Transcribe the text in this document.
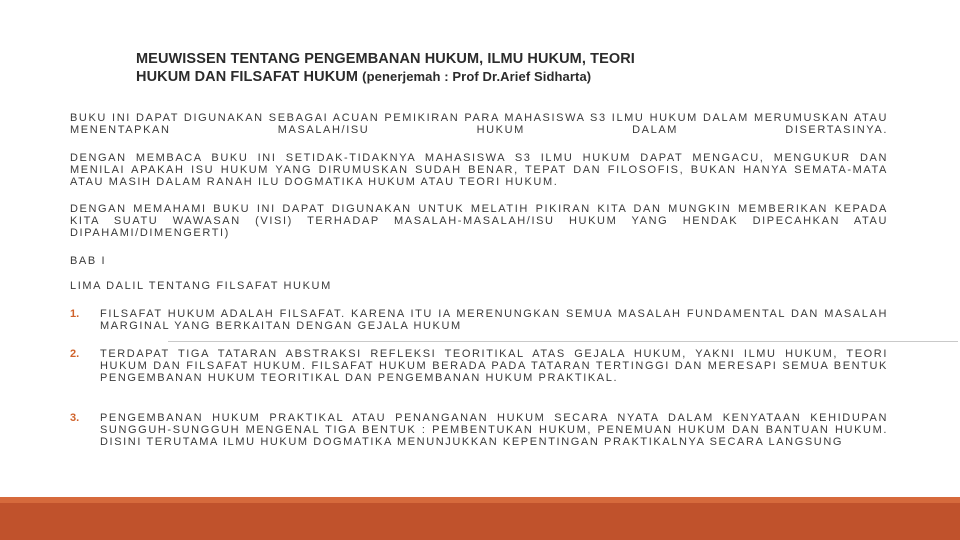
MEUWISSEN TENTANG PENGEMBANAN HUKUM, ILMU HUKUM, TEORI
HUKUM DAN FILSAFAT HUKUM (penerjemah : Prof Dr.Arief Sidharta)
BUKU INI DAPAT DIGUNAKAN SEBAGAI ACUAN PEMIKIRAN PARA MAHASISWA S3 ILMU HUKUM DALAM MERUMUSKAN ATAU MENENTAPKAN MASALAH/ISU HUKUM DALAM DISERTASINYA.
DENGAN MEMBACA BUKU INI SETIDAK-TIDAKNYA MAHASISWA S3 ILMU HUKUM DAPAT MENGACU, MENGUKUR DAN MENILAI APAKAH ISU HUKUM YANG DIRUMUSKAN SUDAH BENAR, TEPAT DAN FILOSOFIS, BUKAN HANYA SEMATA-MATA ATAU MASIH DALAM RANAH ILU DOGMATIKA HUKUM ATAU TEORI HUKUM.
DENGAN MEMAHAMI BUKU INI DAPAT DIGUNAKAN UNTUK MELATIH PIKIRAN KITA DAN MUNGKIN MEMBERIKAN KEPADA KITA SUATU WAWASAN (VISI) TERHADAP MASALAH-MASALAH/ISU HUKUM YANG HENDAK DIPECAHKAN ATAU DIPAHAMI/DIMENGERTI)
BAB I
LIMA DALIL TENTANG FILSAFAT HUKUM
1. FILSAFAT HUKUM ADALAH FILSAFAT. KARENA ITU IA MERENUNGKAN SEMUA MASALAH FUNDAMENTAL DAN MASALAH MARGINAL YANG BERKAITAN DENGAN GEJALA HUKUM
2. TERDAPAT TIGA TATARAN ABSTRAKSI REFLEKSI TEORITIKAL ATAS GEJALA HUKUM, YAKNI ILMU HUKUM, TEORI HUKUM DAN FILSAFAT HUKUM. FILSAFAT HUKUM BERADA PADA TATARAN TERTINGGI DAN MERESAPI SEMUA BENTUK PENGEMBANAN HUKUM TEORITIKAL DAN PENGEMBANAN HUKUM PRAKTIKAL.
3. PENGEMBANAN HUKUM PRAKTIKAL ATAU PENANGANAN HUKUM SECARA NYATA DALAM KENYATAAN KEHIDUPAN SUNGGUH-SUNGGUH MENGENAL TIGA BENTUK : PEMBENTUKAN HUKUM, PENEMUAN HUKUM DAN BANTUAN HUKUM. DISINI TERUTAMA ILMU HUKUM DOGMATIKA MENUNJUKKAN KEPENTINGAN PRAKTIKALNYA SECARA LANGSUNG
